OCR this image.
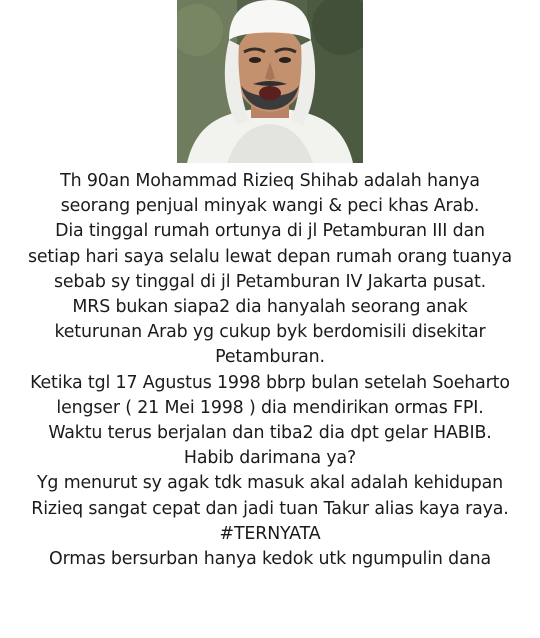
Th 90an Mohammad Rizieq Shihab adalah hanya
seorang penjual minyak wangi & peci khas Arab.
Dia tinggal rumah ortunya di jl Petamburan III dan
setiap hari saya selalu lewat depan rumah orang tuanya
sebab sy tinggal di jl Petamburan IV Jakarta pusat.
MRS bukan siapa2 dia hanyalah seorang anak
keturunan Arab yg cukup byk berdomisili disekitar
Petamburan.
Ketika tgl 17 Agustus 1998 bbrp bulan setelah Soeharto
lengser ( 21 Mei 1998 ) dia mendirikan ormas FPI.
Waktu terus berjalan dan tiba2 dia dpt gelar HABIB.
Habib darimana ya?
Yg menurut sy agak tdk masuk akal adalah kehidupan
Rizieq sangat cepat dan jadi tuan Takur alias kaya raya.
#TERNYATA
Ormas bersurban hanya kedok utk ngumpulin dana
